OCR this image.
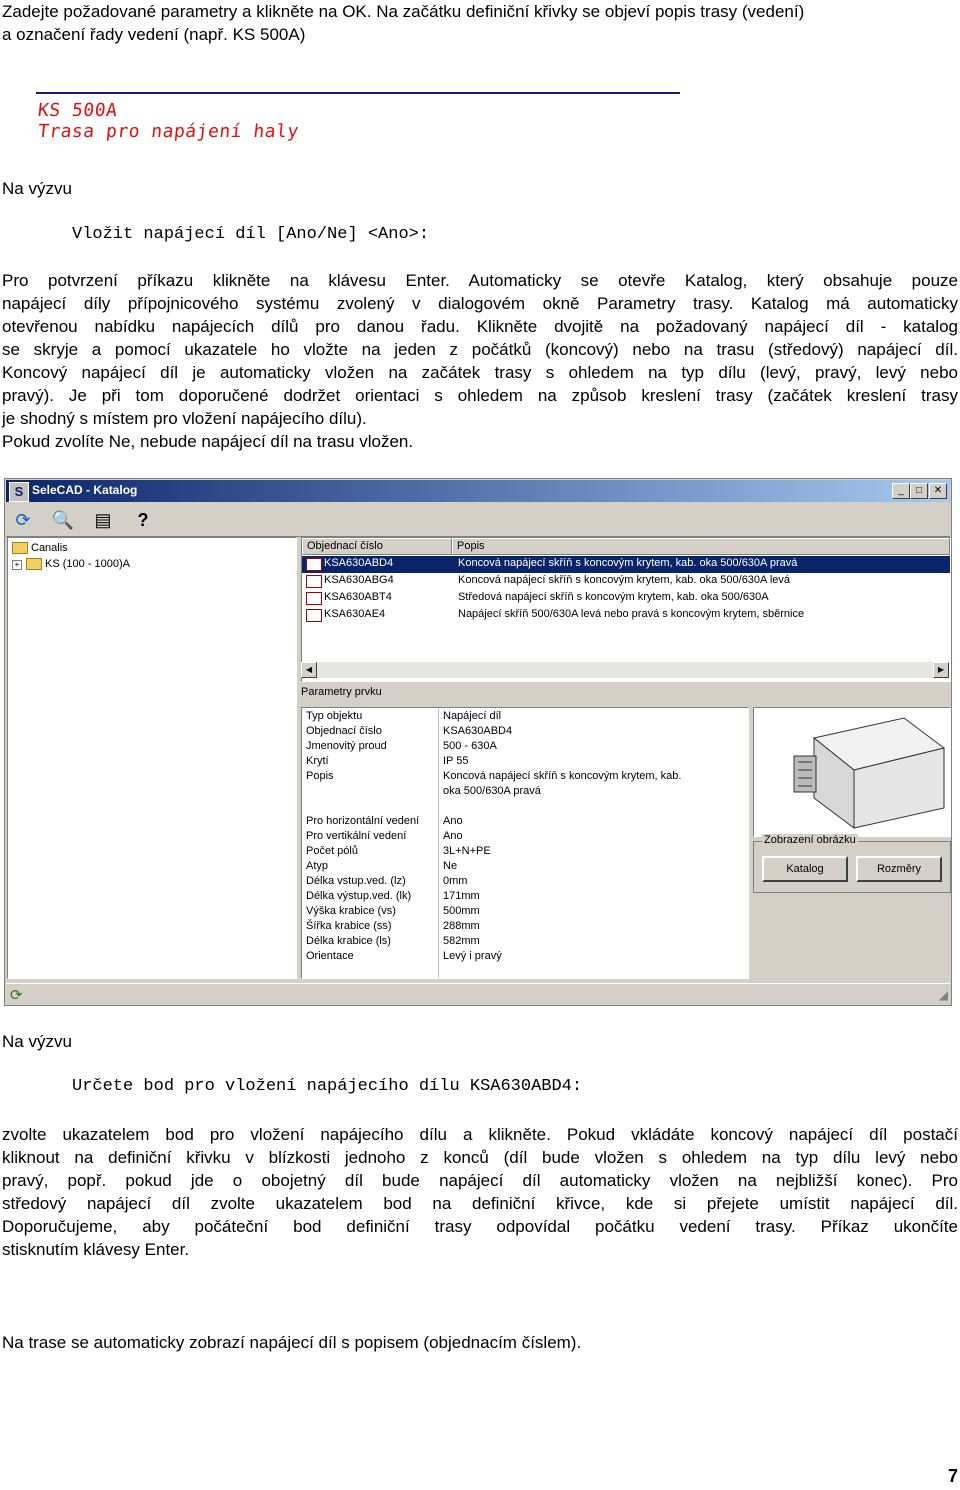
Zadejte požadované parametry a klikněte na OK. Na začátku definiční křivky se objeví popis trasy (vedení)
a označení řady vedení (např. KS 500A)
KS 500A
Trasa pro napájení haly
Na výzvu
Vložit napájecí díl [Ano/Ne] <Ano>:
Pro potvrzení příkazu klikněte na klávesu Enter. Automaticky se otevře Katalog, který obsahuje pouze
napájecí díly přípojnicového systému zvolený v dialogovém okně Parametry trasy. Katalog má automaticky
otevřenou nabídku napájecích dílů pro danou řadu. Klikněte dvojitě na požadovaný napájecí díl - katalog
se skryje a pomocí ukazatele ho vložte na jeden z počátků (koncový) nebo na trasu (středový) napájecí díl.
Koncový napájecí díl je automaticky vložen na začátek trasy s ohledem na typ dílu (levý, pravý, levý nebo
pravý). Je při tom doporučené dodržet orientaci s ohledem na způsob kreslení trasy (začátek kreslení trasy
je shodný s místem pro vložení napájecího dílu).
Pokud zvolíte Ne, nebude napájecí díl na trasu vložen.
S SeleCAD - Katalog	_	□	✕
⟳	🔍 ▤	?
Canalis
+ KS (100 - 1000)A
Objednací číslo	Popis
KSA630ABD4	Koncová napájecí skříň s koncovým krytem, kab. oka 500/630A pravá
KSA630ABG4	Koncová napájecí skříň s koncovým krytem, kab. oka 500/630A levá
KSA630ABT4	Středová napájecí skříň s koncovým krytem, kab. oka 500/630A
KSA630AE4	Napájecí skříň 500/630A levá nebo pravá s koncovým krytem, sběrnice
◀	▶
Parametry prvku
Typ objektu	Napájecí díl
Objednací číslo	KSA630ABD4
Jmenovitý proud	500 - 630A
Krytí	IP 55
Popis	Koncová napájecí skříň s koncovým krytem, kab.
oka 500/630A pravá
Pro horizontální vedení Ano
Pro vertikální vedení	Ano
Počet pólů	3L+N+PE
Atyp	Ne
Délka vstup.ved. (lz)	0mm
Délka výstup.ved. (lk)	171mm
Výška krabice (vs)	500mm
Šířka krabice (ss)	288mm
Délka krabice (ls)	582mm
Orientace	Levý i pravý
Zobrazení obrázku
Katalog	Rozměry
⟳	◢
Na výzvu
Určete bod pro vložení napájecího dílu KSA630ABD4:
zvolte ukazatelem bod pro vložení napájecího dílu a klikněte. Pokud vkládáte koncový napájecí díl postačí
kliknout na definiční křivku v blízkosti jednoho z konců (díl bude vložen s ohledem na typ dílu levý nebo
pravý, popř. pokud jde o obojetný díl bude napájecí díl automaticky vložen na nejbližší konec). Pro
středový napájecí díl zvolte ukazatelem bod na definiční křivce, kde si přejete umístit napájecí díl.
Doporučujeme, aby počáteční bod definiční trasy odpovídal počátku vedení trasy. Příkaz ukončíte
stisknutím klávesy Enter.
Na trase se automaticky zobrazí napájecí díl s popisem (objednacím číslem).
7
